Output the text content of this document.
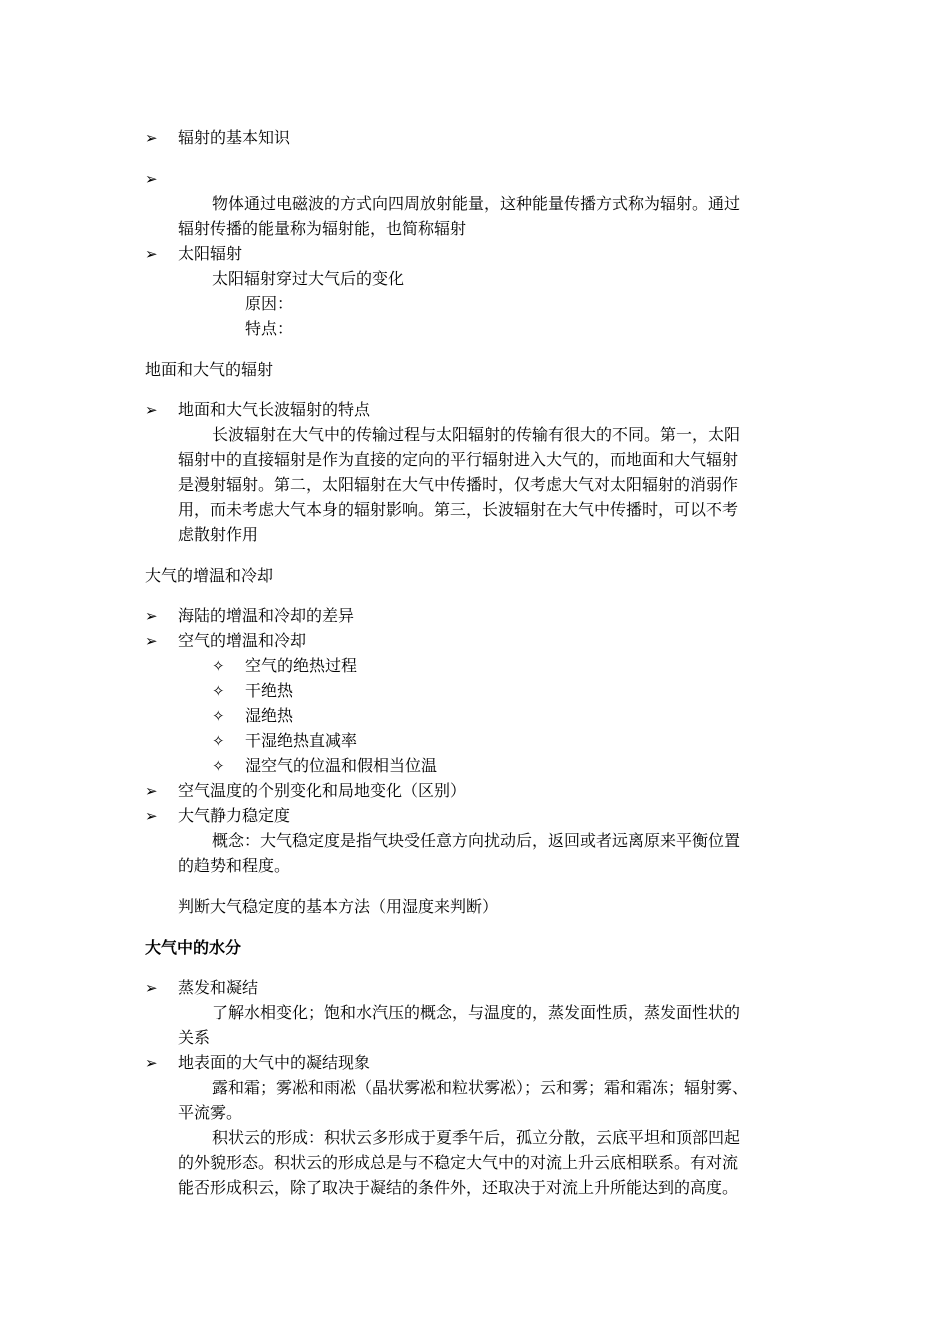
➢
➢
➢
➢
➢
➢
➢
➢
➢
➢
✧
✧
✧
✧
✧
辐射的基本知识
物体通过电磁波的方式向四周放射能量，这种能量传播方式称为辐射。通过
辐射传播的能量称为辐射能，也简称辐射
太阳辐射
太阳辐射穿过大气后的变化
原因：
特点：
地面和大气的辐射
地面和大气长波辐射的特点
长波辐射在大气中的传输过程与太阳辐射的传输有很大的不同。第一，太阳
辐射中的直接辐射是作为直接的定向的平行辐射进入大气的，而地面和大气辐射
是漫射辐射。第二，太阳辐射在大气中传播时，仅考虑大气对太阳辐射的消弱作
用，而未考虑大气本身的辐射影响。第三，长波辐射在大气中传播时，可以不考
虑散射作用
大气的增温和冷却
海陆的增温和冷却的差异
空气的增温和冷却
空气的绝热过程
干绝热
湿绝热
干湿绝热直减率
湿空气的位温和假相当位温
空气温度的个别变化和局地变化（区别）
大气静力稳定度
概念：大气稳定度是指气块受任意方向扰动后，返回或者远离原来平衡位置
的趋势和程度。
判断大气稳定度的基本方法（用湿度来判断）
大气中的水分
蒸发和凝结
了解水相变化；饱和水汽压的概念，与温度的，蒸发面性质，蒸发面性状的
关系
地表面的大气中的凝结现象
露和霜；雾凇和雨凇（晶状雾凇和粒状雾凇）；云和雾；霜和霜冻；辐射雾、
平流雾。
积状云的形成：积状云多形成于夏季午后，孤立分散，云底平坦和顶部凹起
的外貌形态。积状云的形成总是与不稳定大气中的对流上升云底相联系。有对流
能否形成积云，除了取决于凝结的条件外，还取决于对流上升所能达到的高度。
